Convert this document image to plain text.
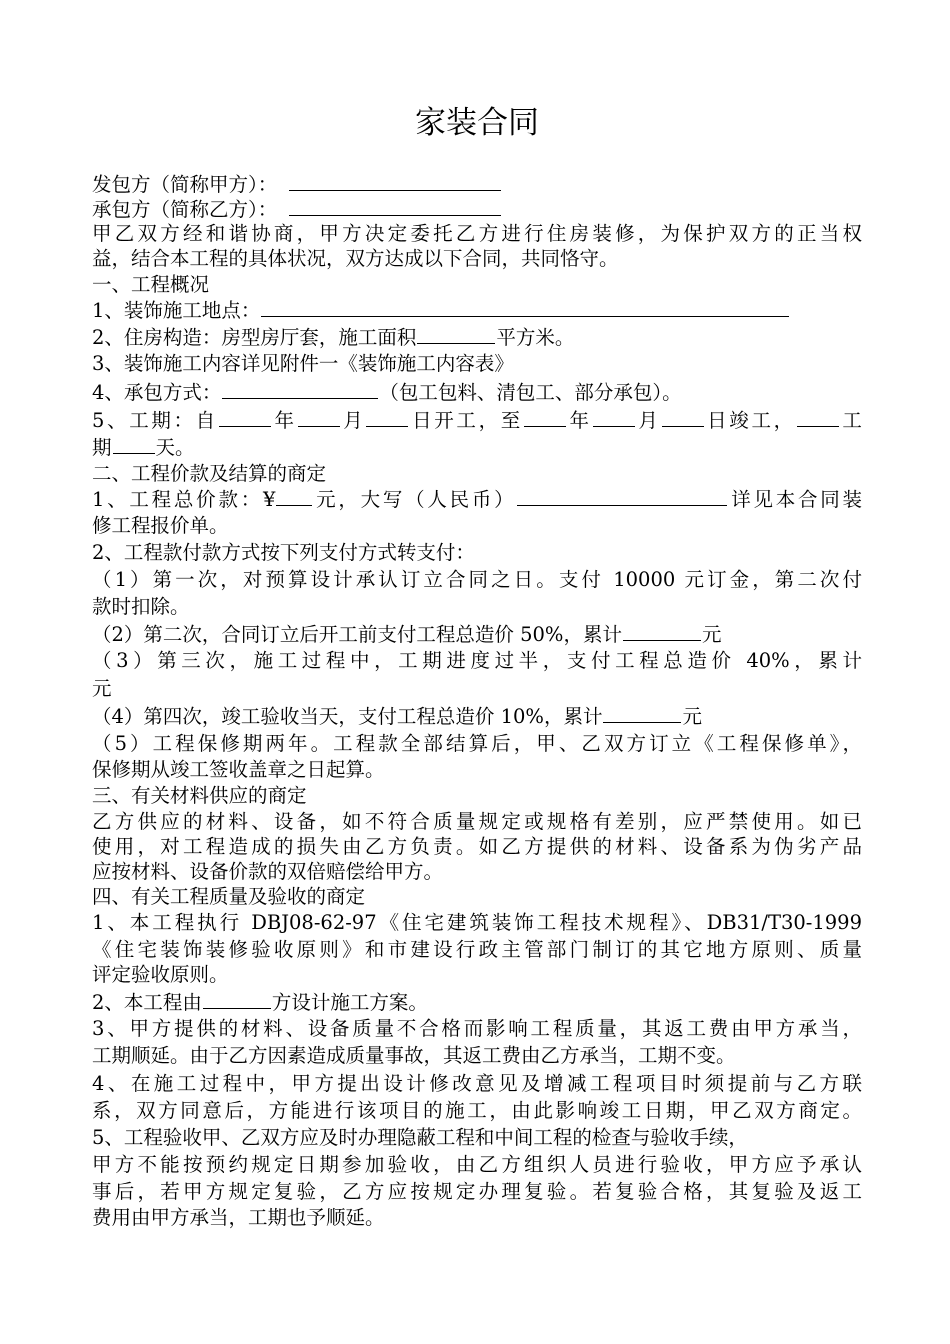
家装合同
发包方（简称甲方）：
承包方（简称乙方）：
甲乙双方经和谐协商，甲方决定委托乙方进行住房装修，为保护双方的正当权
益，结合本工程的具体状况，双方达成以下合同，共同恪守。
一、工程概况
1、装饰施工地点：
2、住房构造：房型房厅套，施工面积	平方米。
3、装饰施工内容详见附件一《装饰施工内容表》
4、承包方式：	（包工包料、清包工、部分承包）。
5、工期：自	年 月 日开工，至 年 月 日竣工， 工
期 天。
二、工程价款及结算的商定
1、工程总价款：¥ 元，大写（人民币）	详见本合同装
修工程报价单。
2、工程款付款方式按下列支付方式转支付：
（1）第一次，对预算设计承认订立合同之日。支付 10000 元订金，第二次付
款时扣除。
（2）第二次，合同订立后开工前支付工程总造价 50%，累计	元
（3）第三次，施工过程中，工期进度过半，支付工程总造价 40%，累计
元
（4）第四次，竣工验收当天，支付工程总造价 10%，累计	元
（5）工程保修期两年。工程款全部结算后，甲、乙双方订立《工程保修单》，
保修期从竣工签收盖章之日起算。
三、有关材料供应的商定
乙方供应的材料、设备，如不符合质量规定或规格有差别，应严禁使用。如已
使用，对工程造成的损失由乙方负责。如乙方提供的材料、设备系为伪劣产品
应按材料、设备价款的双倍赔偿给甲方。
四、有关工程质量及验收的商定
1、本工程执行 DBJ08-62-97《住宅建筑装饰工程技术规程》、DB31/T30-1999
《住宅装饰装修验收原则》和市建设行政主管部门制订的其它地方原则、质量
评定验收原则。
2、本工程由	方设计施工方案。
3、甲方提供的材料、设备质量不合格而影响工程质量，其返工费由甲方承当，
工期顺延。由于乙方因素造成质量事故，其返工费由乙方承当，工期不变。
4、在施工过程中，甲方提出设计修改意见及增减工程项目时须提前与乙方联
系，双方同意后，方能进行该项目的施工，由此影响竣工日期，甲乙双方商定。
5、工程验收甲、乙双方应及时办理隐蔽工程和中间工程的检查与验收手续，
甲方不能按预约规定日期参加验收，由乙方组织人员进行验收，甲方应予承认
事后，若甲方规定复验，乙方应按规定办理复验。若复验合格，其复验及返工
费用由甲方承当，工期也予顺延。
